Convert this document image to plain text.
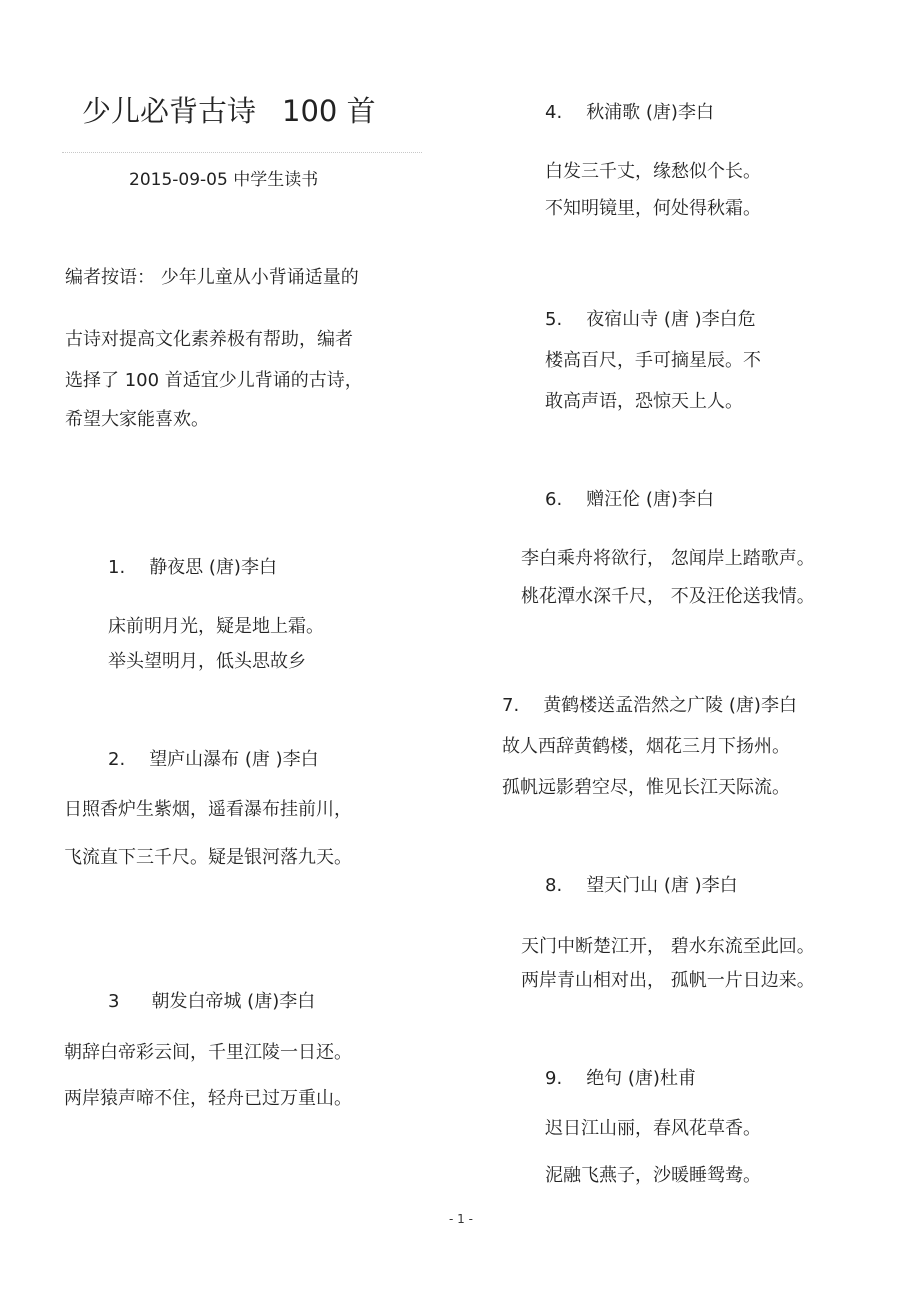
少儿必背古诗 100 首
2015-09-05 中学生读书
编者按语： 少年儿童从小背诵适量的
古诗对提高文化素养极有帮助，编者
选择了 100 首适宜少儿背诵的古诗，
希望大家能喜欢。
1. 静夜思 (唐)李白
床前明月光，疑是地上霜。
举头望明月，低头思故乡
2. 望庐山瀑布 (唐 )李白
日照香炉生紫烟，遥看瀑布挂前川，
飞流直下三千尺。疑是银河落九天。
3 朝发白帝城 (唐)李白
朝辞白帝彩云间，千里江陵一日还。
两岸猿声啼不住，轻舟已过万重山。
4. 秋浦歌 (唐)李白
白发三千丈，缘愁似个长。
不知明镜里，何处得秋霜。
5. 夜宿山寺 (唐 )李白危
楼高百尺，手可摘星辰。不
敢高声语，恐惊天上人。
6. 赠汪伦 (唐)李白
李白乘舟将欲行， 忽闻岸上踏歌声。
桃花潭水深千尺， 不及汪伦送我情。
7. 黄鹤楼送孟浩然之广陵 (唐)李白
故人西辞黄鹤楼，烟花三月下扬州。
孤帆远影碧空尽，惟见长江天际流。
8. 望天门山 (唐 )李白
天门中断楚江开， 碧水东流至此回。
两岸青山相对出， 孤帆一片日边来。
9. 绝句 (唐)杜甫
迟日江山丽，春风花草香。
泥融飞燕子，沙暖睡鸳鸯。
- 1 -
